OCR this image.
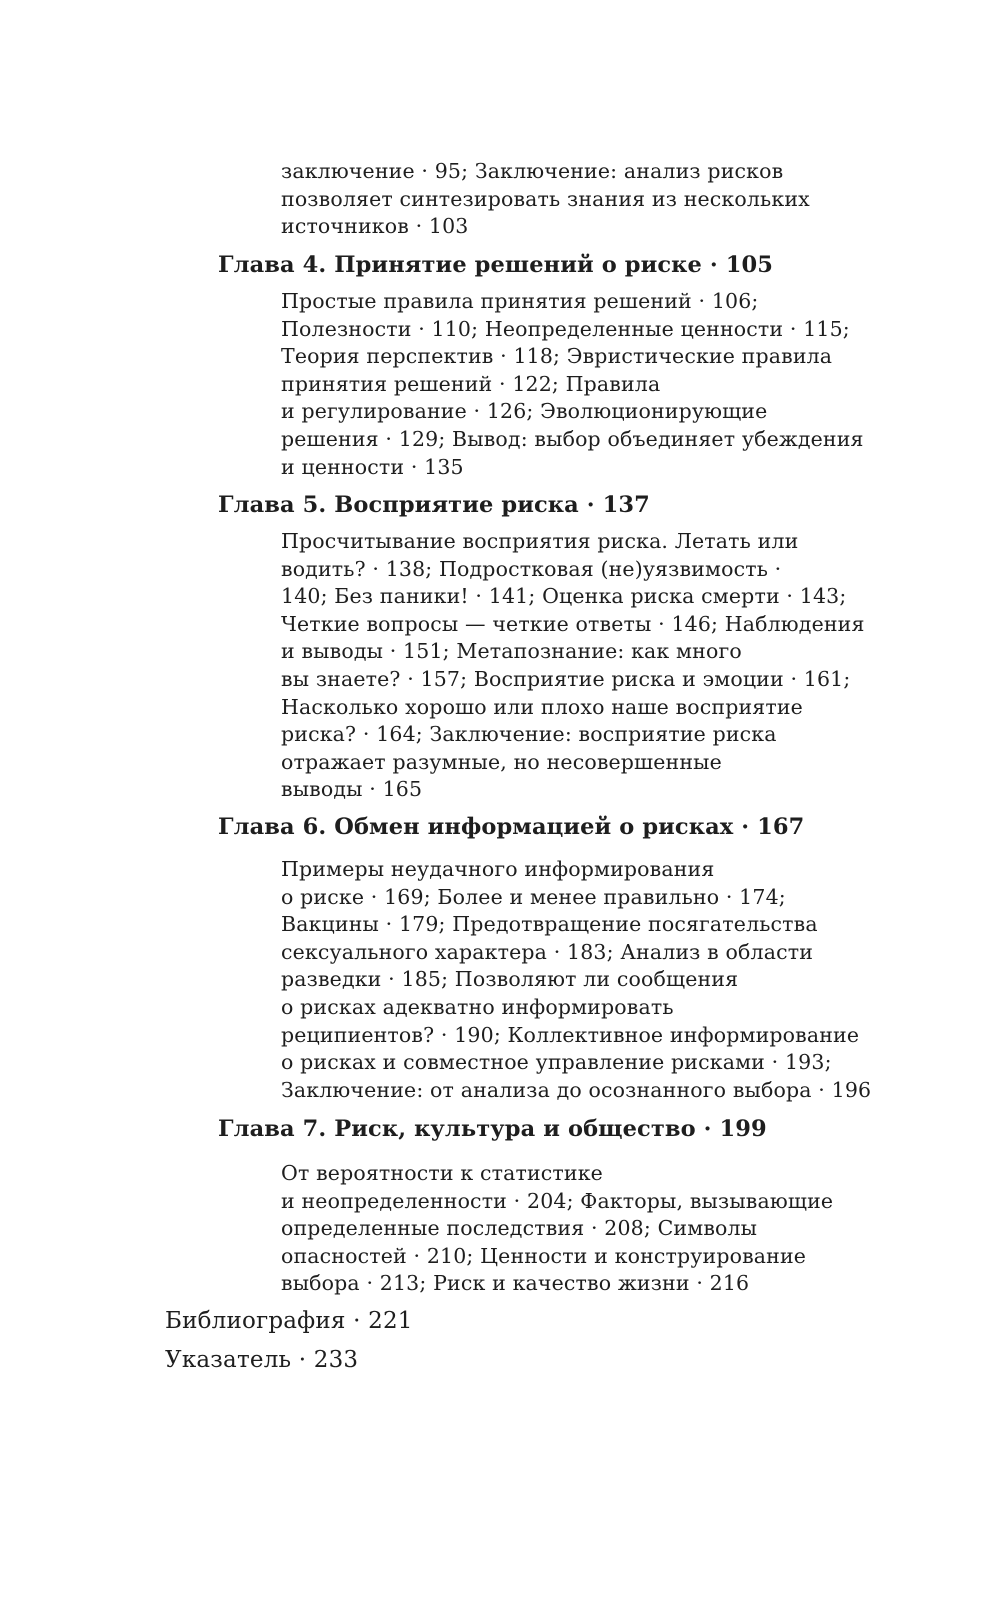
заключение · 95; Заключение: анализ рисков
позволяет синтезировать знания из нескольких
источников · 103
Глава 4. Принятие решений о риске · 105
Простые правила принятия решений · 106;
Полезности · 110; Неопределенные ценности · 115;
Теория перспектив · 118; Эвристические правила
принятия решений · 122; Правила
и регулирование · 126; Эволюционирующие
решения · 129; Вывод: выбор объединяет убеждения
и ценности · 135
Глава 5. Восприятие риска · 137
Просчитывание восприятия риска. Летать или
водить? · 138; Подростковая (не)уязвимость ·
140; Без паники! · 141; Оценка риска смерти · 143;
Четкие вопросы — четкие ответы · 146; Наблюдения
и выводы · 151; Метапознание: как много
вы знаете? · 157; Восприятие риска и эмоции · 161;
Насколько хорошо или плохо наше восприятие
риска? · 164; Заключение: восприятие риска
отражает разумные, но несовершенные
выводы · 165
Глава 6. Обмен информацией о рисках · 167
Примеры неудачного информирования
о риске · 169; Более и менее правильно · 174;
Вакцины · 179; Предотвращение посягательства
сексуального характера · 183; Анализ в области
разведки · 185; Позволяют ли сообщения
о рисках адекватно информировать
реципиентов? · 190; Коллективное информирование
о рисках и совместное управление рисками · 193;
Заключение: от анализа до осознанного выбора · 196
Глава 7. Риск, культура и общество · 199
От вероятности к статистике
и неопределенности · 204; Факторы, вызывающие
определенные последствия · 208; Символы
опасностей · 210; Ценности и конструирование
выбора · 213; Риск и качество жизни · 216

Библиография · 221

Указатель · 233
